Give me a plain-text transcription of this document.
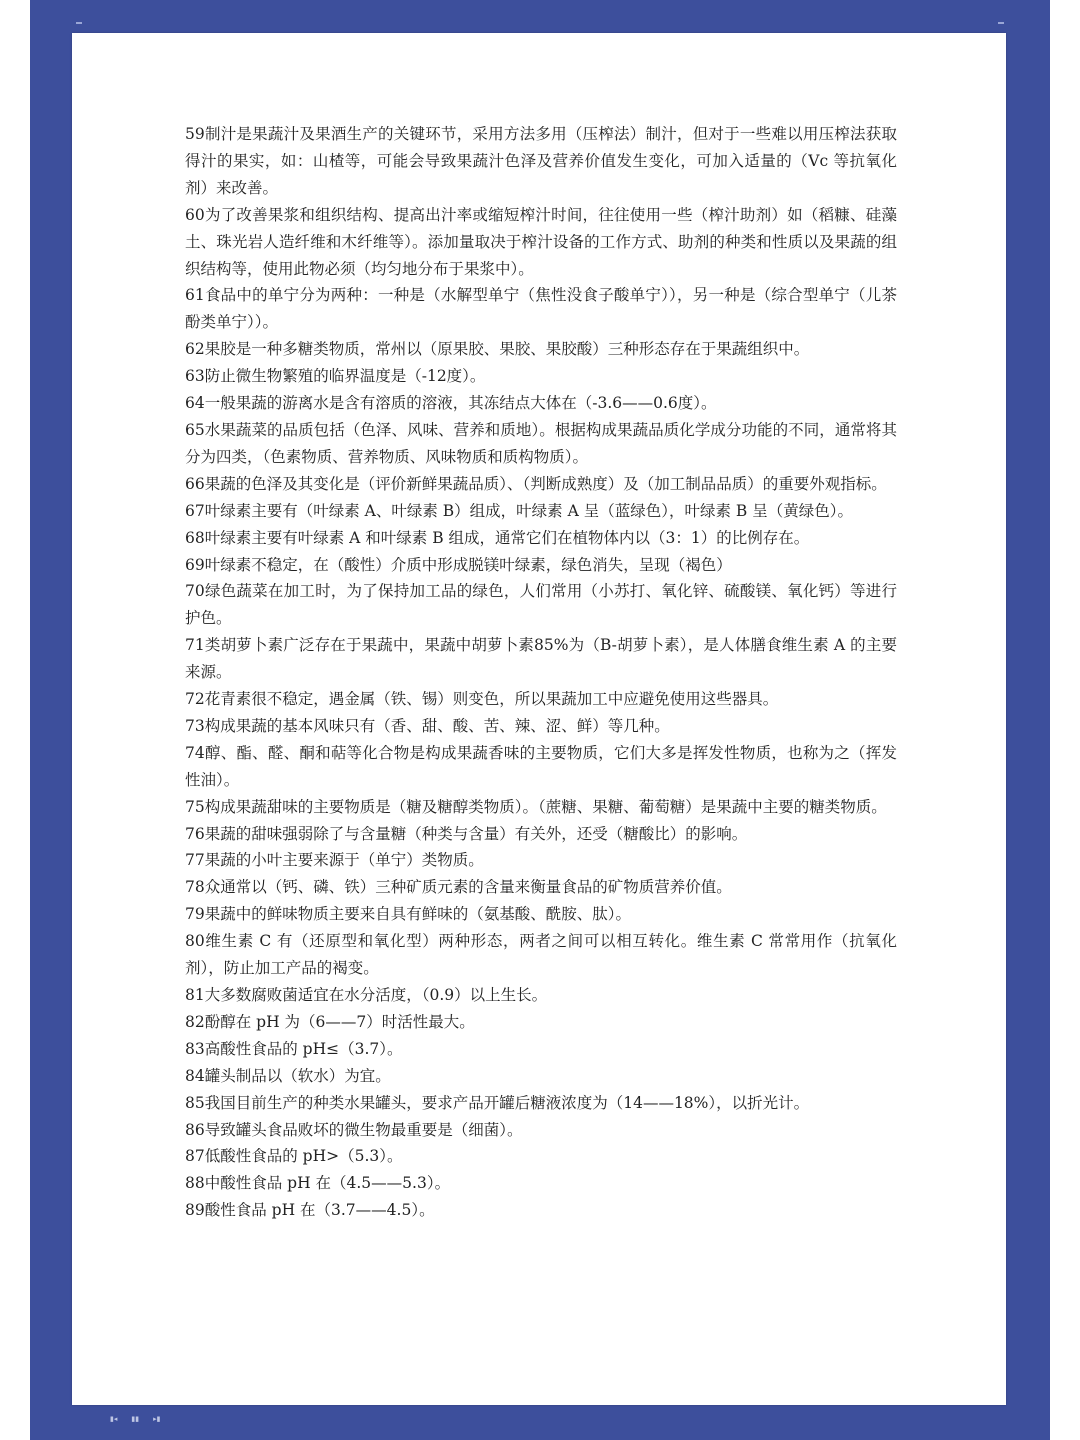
59制汁是果蔬汁及果酒生产的关键环节，采用方法多用（压榨法）制汁，但对于一些难以用压榨法获取得汁的果实，如：山楂等，可能会导致果蔬汁色泽及营养价值发生变化，可加入适量的（Vc 等抗氧化剂）来改善。

60为了改善果浆和组织结构、提高出汁率或缩短榨汁时间，往往使用一些（榨汁助剂）如（稻糠、硅藻土、珠光岩人造纤维和木纤维等）。添加量取决于榨汁设备的工作方式、助剂的种类和性质以及果蔬的组织结构等，使用此物必须（均匀地分布于果浆中）。

61食品中的单宁分为两种：一种是（水解型单宁（焦性没食子酸单宁）），另一种是（综合型单宁（儿茶酚类单宁））。

62果胶是一种多糖类物质，常州以（原果胶、果胶、果胶酸）三种形态存在于果蔬组织中。

63防止微生物繁殖的临界温度是（-12度）。

64一般果蔬的游离水是含有溶质的溶液，其冻结点大体在（-3.6——0.6度）。

65水果蔬菜的品质包括（色泽、风味、营养和质地）。根据构成果蔬品质化学成分功能的不同，通常将其分为四类，（色素物质、营养物质、风味物质和质构物质）。

66果蔬的色泽及其变化是（评价新鲜果蔬品质）、（判断成熟度）及（加工制品品质）的重要外观指标。

67叶绿素主要有（叶绿素 A、叶绿素 B）组成，叶绿素 A 呈（蓝绿色），叶绿素 B 呈（黄绿色）。

68叶绿素主要有叶绿素 A 和叶绿素 B 组成，通常它们在植物体内以（3：1）的比例存在。

69叶绿素不稳定，在（酸性）介质中形成脱镁叶绿素，绿色消失，呈现（褐色）

70绿色蔬菜在加工时，为了保持加工品的绿色，人们常用（小苏打、氧化锌、硫酸镁、氧化钙）等进行护色。

71类胡萝卜素广泛存在于果蔬中，果蔬中胡萝卜素85%为（B-胡萝卜素），是人体膳食维生素 A 的主要来源。

72花青素很不稳定，遇金属（铁、锡）则变色，所以果蔬加工中应避免使用这些器具。

73构成果蔬的基本风味只有（香、甜、酸、苦、辣、涩、鲜）等几种。

74醇、酯、醛、酮和萜等化合物是构成果蔬香味的主要物质，它们大多是挥发性物质，也称为之（挥发性油）。

75构成果蔬甜味的主要物质是（糖及糖醇类物质）。（蔗糖、果糖、葡萄糖）是果蔬中主要的糖类物质。

76果蔬的甜味强弱除了与含量糖（种类与含量）有关外，还受（糖酸比）的影响。

77果蔬的小叶主要来源于（单宁）类物质。

78众通常以（钙、磷、铁）三种矿质元素的含量来衡量食品的矿物质营养价值。

79果蔬中的鲜味物质主要来自具有鲜味的（氨基酸、酰胺、肽）。

80维生素 C 有（还原型和氧化型）两种形态，两者之间可以相互转化。维生素 C 常常用作（抗氧化剂），防止加工产品的褐变。

81大多数腐败菌适宜在水分活度，（0.9）以上生长。

82酚醇在 pH 为（6——7）时活性最大。

83高酸性食品的 pH≤（3.7）。

84罐头制品以（软水）为宜。

85我国目前生产的种类水果罐头，要求产品开罐后糖液浓度为（14——18%），以折光计。

86导致罐头食品败坏的微生物最重要是（细菌）。

87低酸性食品的 pH>（5.3）。

88中酸性食品 pH 在（4.5——5.3）。

89酸性食品 pH 在（3.7——4.5）。

▮◂ ▮▮ ▸▮
